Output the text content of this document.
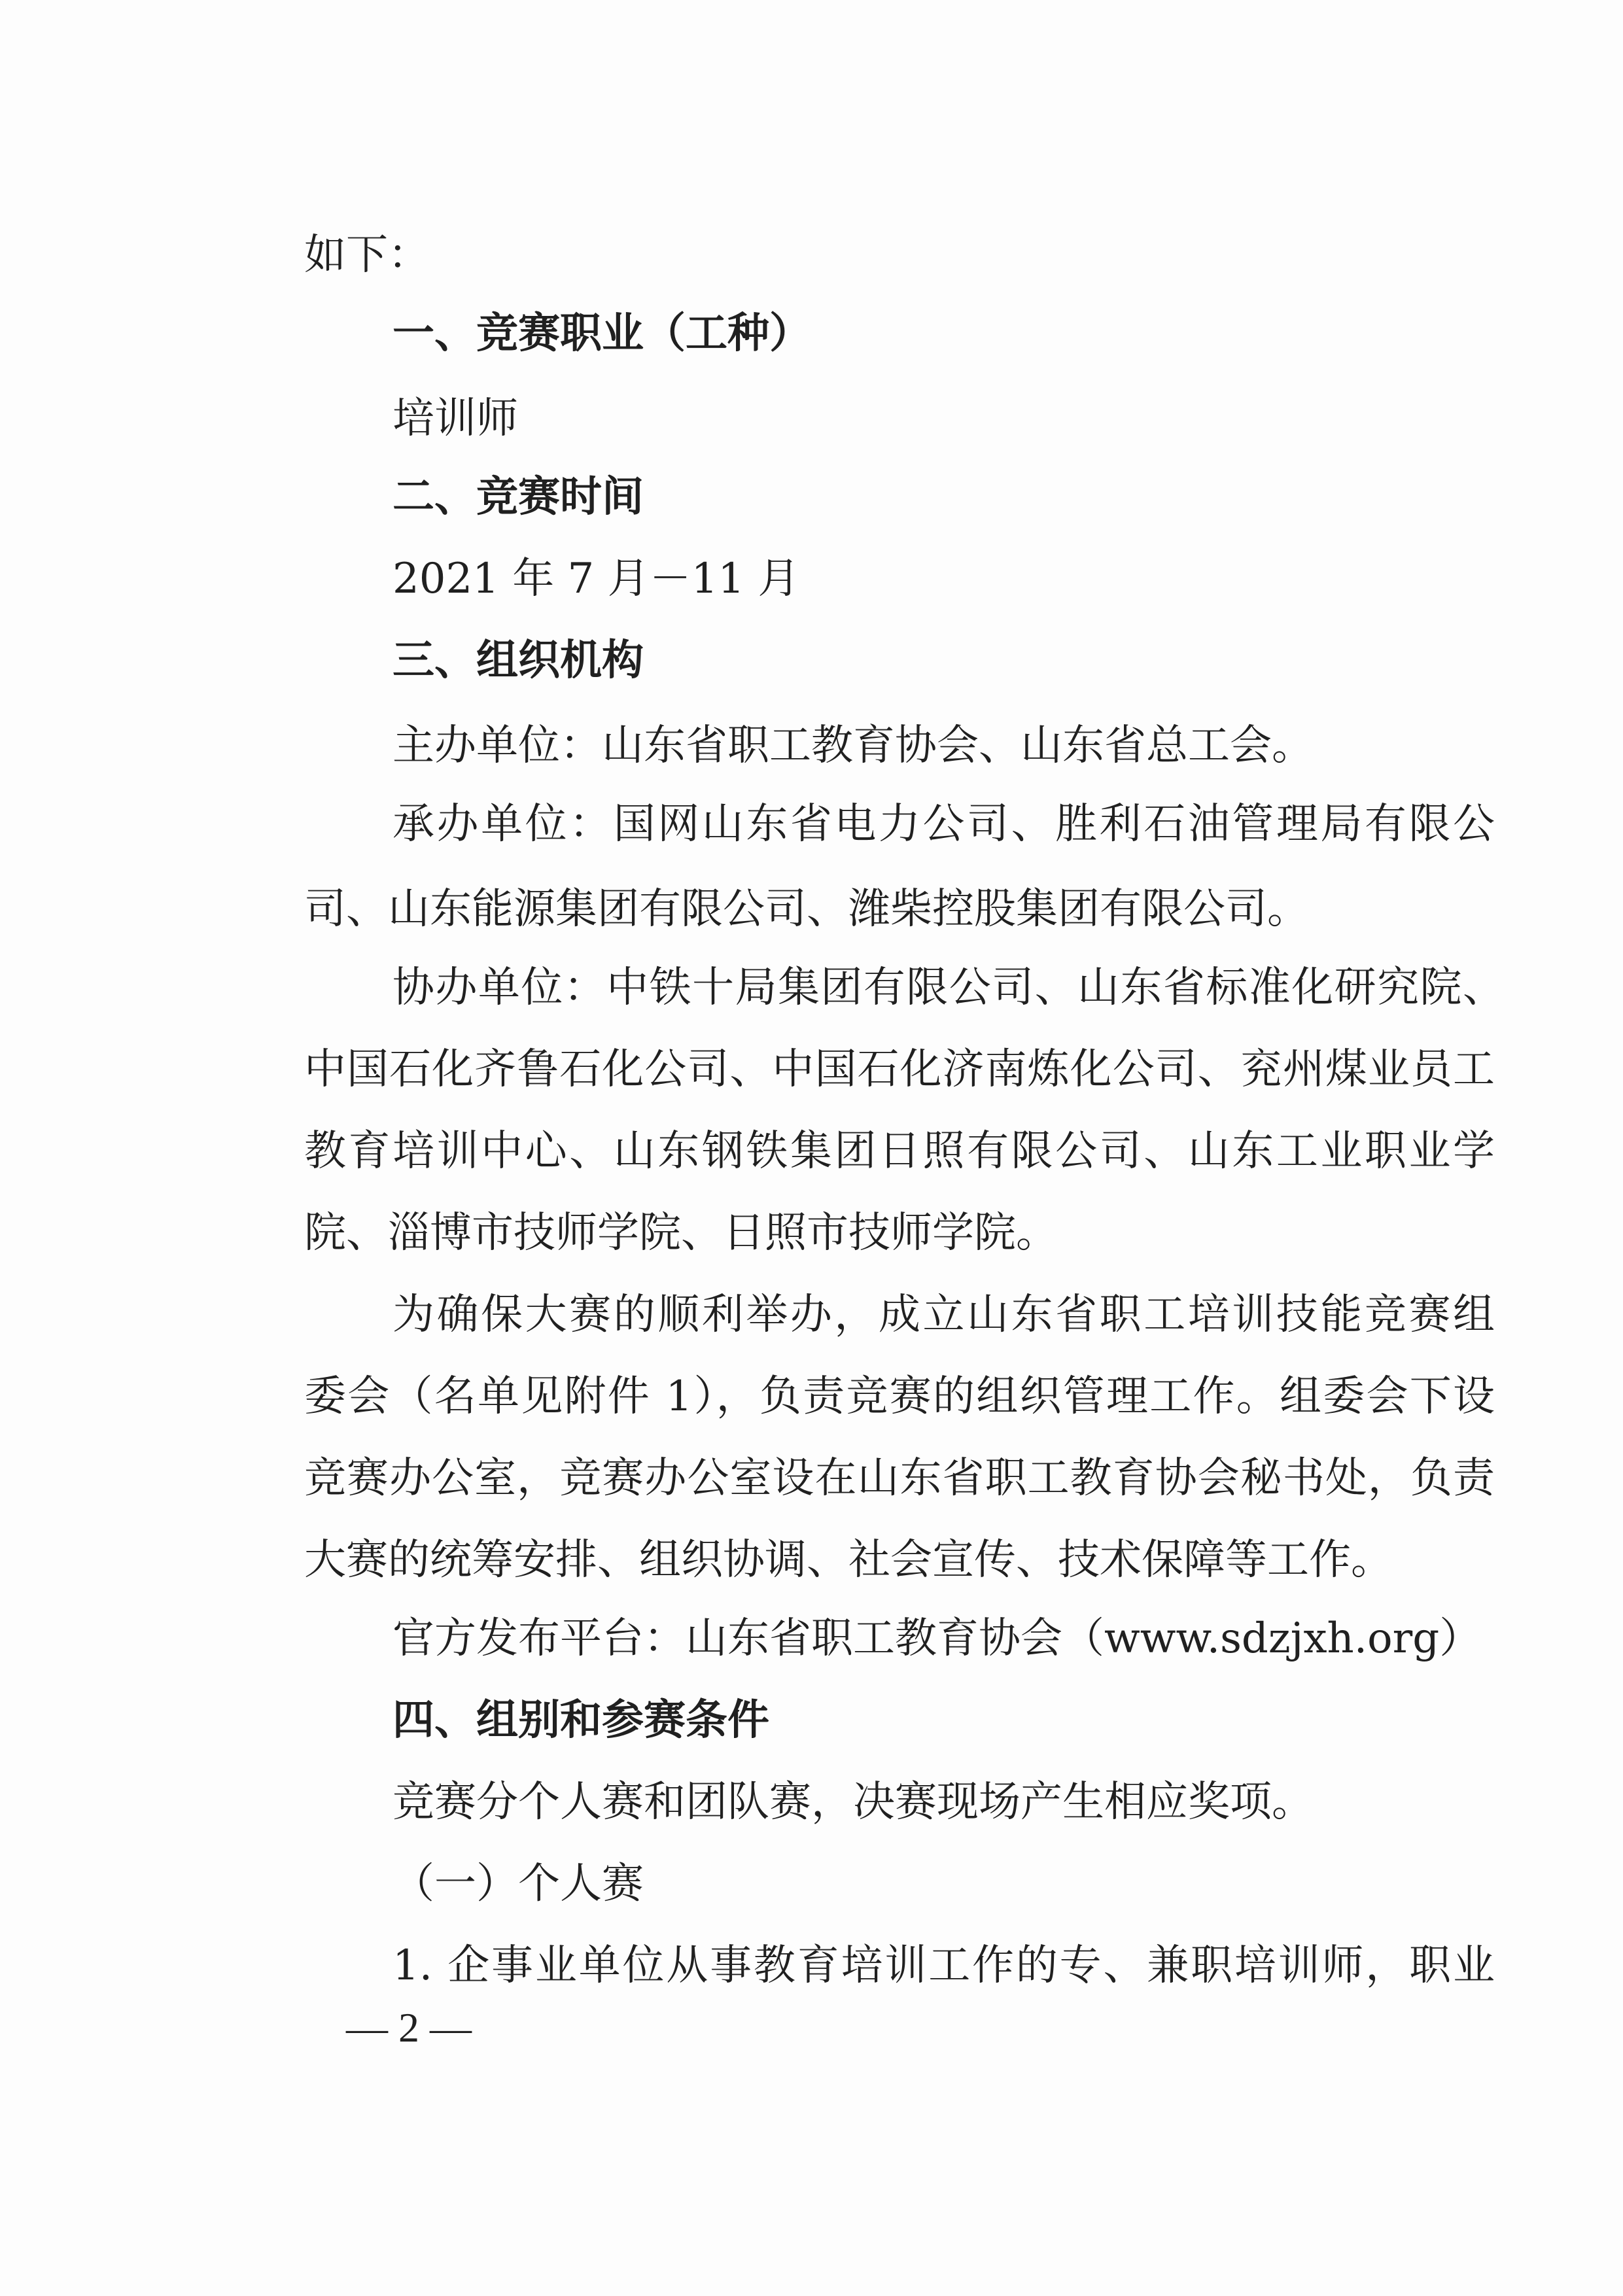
如下：

一、竞赛职业（工种）

培训师

二、竞赛时间

2021 年 7 月－11 月

三、组织机构

主办单位：山东省职工教育协会、山东省总工会。

承办单位：国网山东省电力公司、胜利石油管理局有限公

司、山东能源集团有限公司、潍柴控股集团有限公司。

协办单位：中铁十局集团有限公司、山东省标准化研究院、

中国石化齐鲁石化公司、中国石化济南炼化公司、兖州煤业员工

教育培训中心、山东钢铁集团日照有限公司、山东工业职业学

院、淄博市技师学院、日照市技师学院。

为确保大赛的顺利举办，成立山东省职工培训技能竞赛组

委会（名单见附件 1），负责竞赛的组织管理工作。组委会下设

竞赛办公室，竞赛办公室设在山东省职工教育协会秘书处，负责

大赛的统筹安排、组织协调、社会宣传、技术保障等工作。

官方发布平台：山东省职工教育协会（www.sdzjxh.org）

四、组别和参赛条件

竞赛分个人赛和团队赛，决赛现场产生相应奖项。

（一）个人赛

1. 企事业单位从事教育培训工作的专、兼职培训师，职业

— 2 —
